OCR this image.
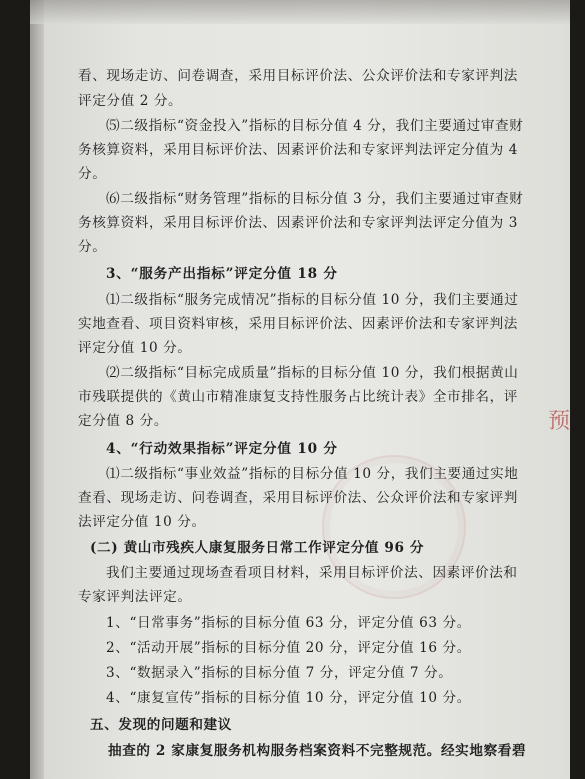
看、现场走访、问卷调查，采用目标评价法、公众评价法和专家评判法
评定分值 2 分。
⑸二级指标“资金投入”指标的目标分值 4 分，我们主要通过审查财
务核算资料，采用目标评价法、因素评价法和专家评判法评定分值为 4
分。
⑹二级指标“财务管理”指标的目标分值 3 分，我们主要通过审查财
务核算资料，采用目标评价法、因素评价法和专家评判法评定分值为 3
分。
3、“服务产出指标”评定分值 18 分
⑴二级指标“服务完成情况”指标的目标分值 10 分，我们主要通过
实地查看、项目资料审核，采用目标评价法、因素评价法和专家评判法
评定分值 10 分。
⑵二级指标“目标完成质量”指标的目标分值 10 分，我们根据黄山
市残联提供的《黄山市精准康复支持性服务占比统计表》全市排名，评
定分值 8 分。
4、“行动效果指标”评定分值 10 分
⑴二级指标“事业效益”指标的目标分值 10 分，我们主要通过实地
查看、现场走访、问卷调查，采用目标评价法、公众评价法和专家评判
法评定分值 10 分。
(二) 黄山市残疾人康复服务日常工作评定分值 96 分
我们主要通过现场查看项目材料，采用目标评价法、因素评价法和
专家评判法评定。
1、“日常事务”指标的目标分值 63 分，评定分值 63 分。
2、“活动开展”指标的目标分值 20 分，评定分值 16 分。
3、“数据录入”指标的目标分值 7 分，评定分值 7 分。
4、“康复宣传”指标的目标分值 10 分，评定分值 10 分。
五、发现的问题和建议
抽查的 2 家康复服务机构服务档案资料不完整规范。经实地察看碧
预
